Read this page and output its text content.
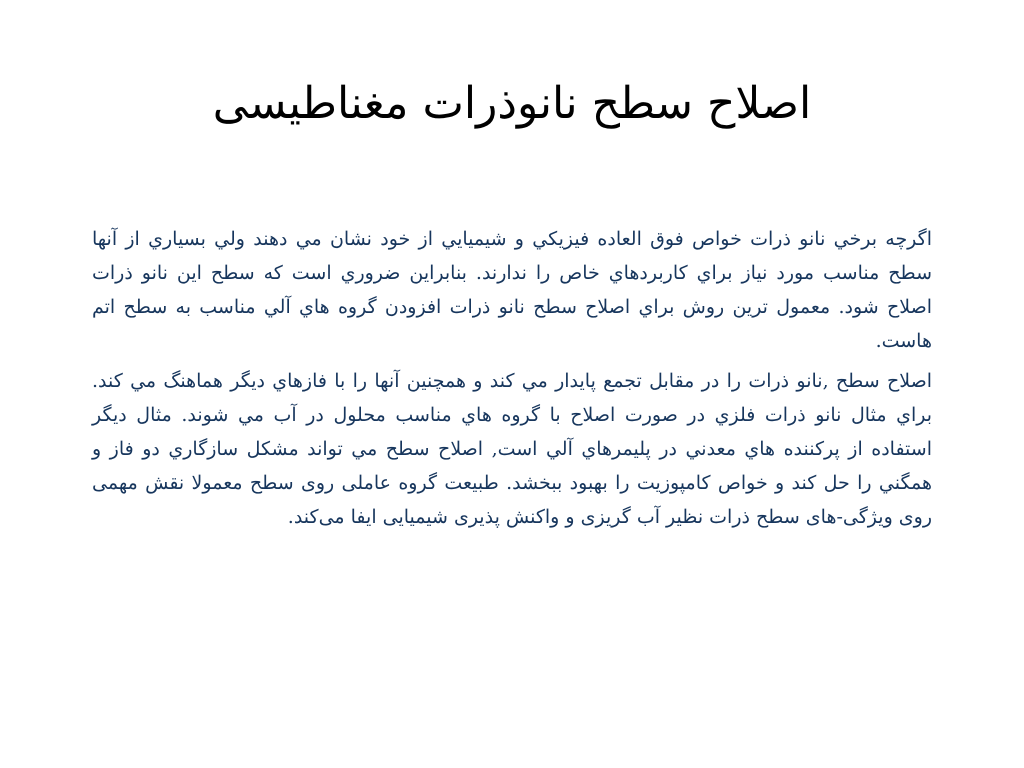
اصلاح سطح نانوذرات مغناطیسی

اگرچه برخي نانو ذرات خواص فوق العاده فيزيكي و شيميايي از خود نشان مي دهند ولي بسياري از آنها سطح مناسب مورد نياز براي كاربردهاي خاص را ندارند. بنابراين ضروري است كه سطح اين نانو ذرات اصلاح شود. معمول ترين روش براي اصلاح سطح نانو ذرات افزودن گروه هاي آلي مناسب به سطح اتم هاست.

اصلاح سطح ,نانو ذرات را در مقابل تجمع پايدار مي كند و همچنين آنها را با فازهاي ديگر هماهنگ مي كند. براي مثال نانو ذرات فلزي در صورت اصلاح با گروه هاي مناسب محلول در آب مي شوند. مثال ديگر استفاده از پركننده هاي معدني در پليمرهاي آلي است, اصلاح سطح مي تواند مشكل سازگاري دو فاز و همگني را حل كند و خواص كامپوزيت را بهبود ببخشد. طبیعت گروه عاملی روی سطح معمولا نقش مهمی روی ویژگی-های سطح ذرات نظیر آب گریزی و واکنش پذیری شیمیایی ایفا می‌کند.
